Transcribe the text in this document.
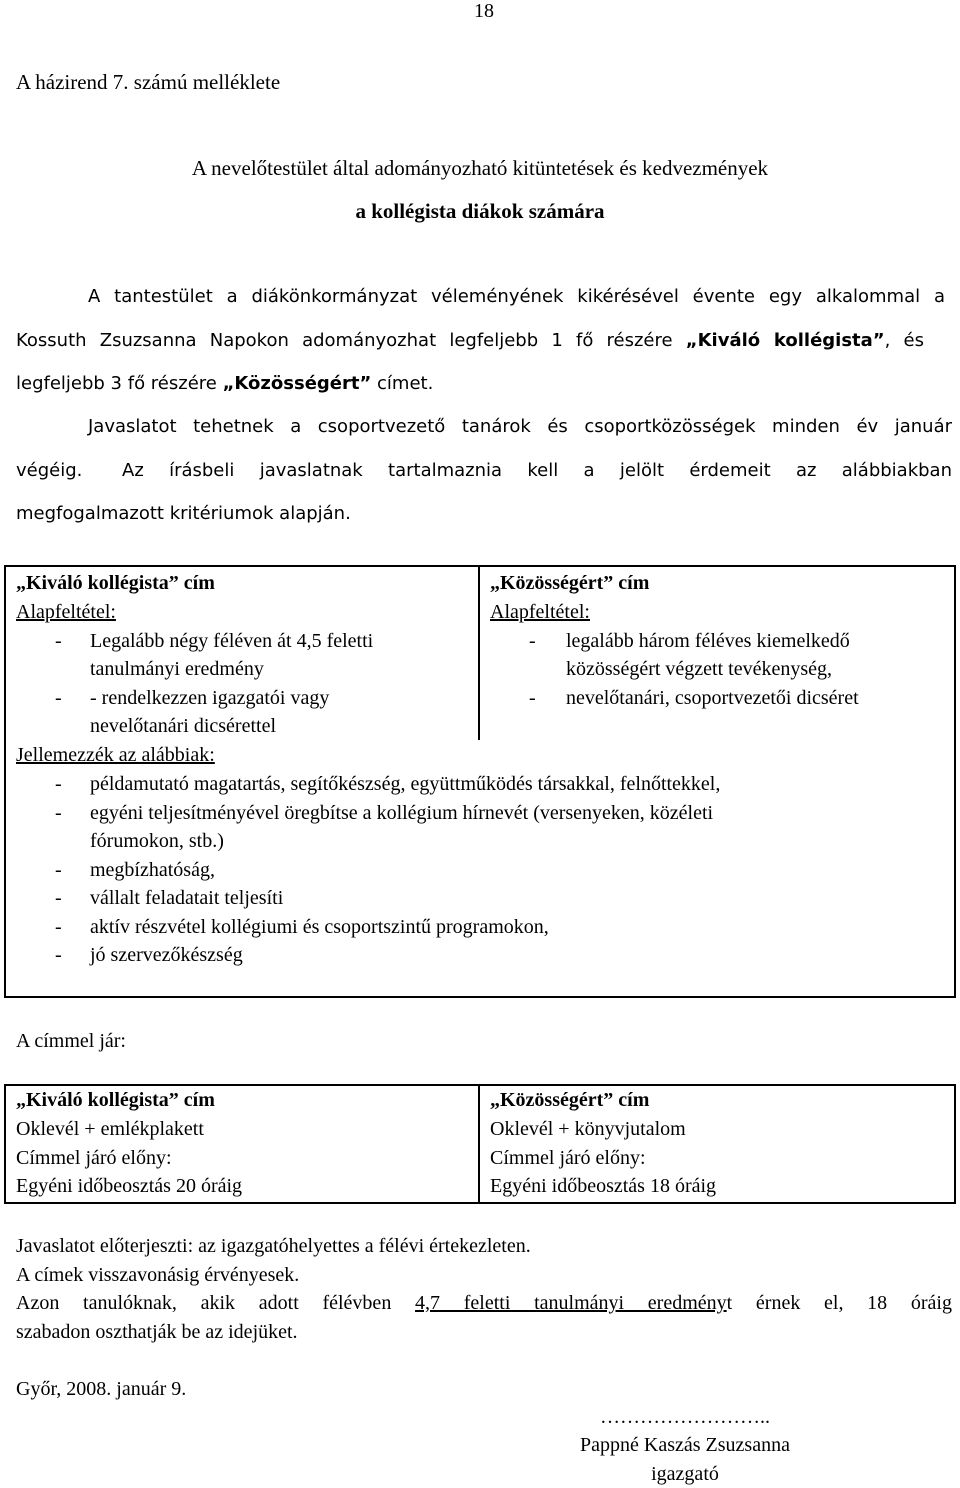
18
A házirend 7. számú melléklete
A nevelőtestület által adományozható kitüntetések és kedvezmények
a kollégista diákok számára
A tantestület a diákönkormányzat véleményének kikérésével évente egy alkalommal a
Kossuth Zsuzsanna Napokon adományozhat legfeljebb 1 fő részére „Kiváló kollégista”, és
legfeljebb 3 fő részére „Közösségért” címet.
Javaslatot tehetnek a csoportvezető tanárok és csoportközösségek minden év január
végéig. Az írásbeli javaslatnak tartalmaznia kell a jelölt érdemeit az alábbiakban
megfogalmazott kritériumok alapján.
„Kiváló kollégista” cím
Alapfeltétel:
- Legalább négy féléven át 4,5 feletti
tanulmányi eredmény
- - rendelkezzen igazgatói vagy
nevelőtanári dicsérettel
„Közösségért” cím
Alapfeltétel:
- legalább három féléves kiemelkedő
közösségért végzett tevékenység,
- nevelőtanári, csoportvezetői dicséret
Jellemezzék az alábbiak:
- példamutató magatartás, segítőkészség, együttműködés társakkal, felnőttekkel,
- egyéni teljesítményével öregbítse a kollégium hírnevét (versenyeken, közéleti
fórumokon, stb.)
- megbízhatóság,
- vállalt feladatait teljesíti
- aktív részvétel kollégiumi és csoportszintű programokon,
- jó szervezőkészség
A címmel jár:
„Kiváló kollégista” cím
Oklevél + emlékplakett
Címmel járó előny:
Egyéni időbeosztás 20 óráig
„Közösségért” cím
Oklevél + könyvjutalom
Címmel járó előny:
Egyéni időbeosztás 18 óráig
Javaslatot előterjeszti: az igazgatóhelyettes a félévi értekezleten.
A címek visszavonásig érvényesek.
Azon tanulóknak, akik adott félévben 4,7 feletti tanulmányi eredményt érnek el, 18 óráig
szabadon oszthatják be az idejüket.
Győr, 2008. január 9.
……………………..
Pappné Kaszás Zsuzsanna
igazgató
